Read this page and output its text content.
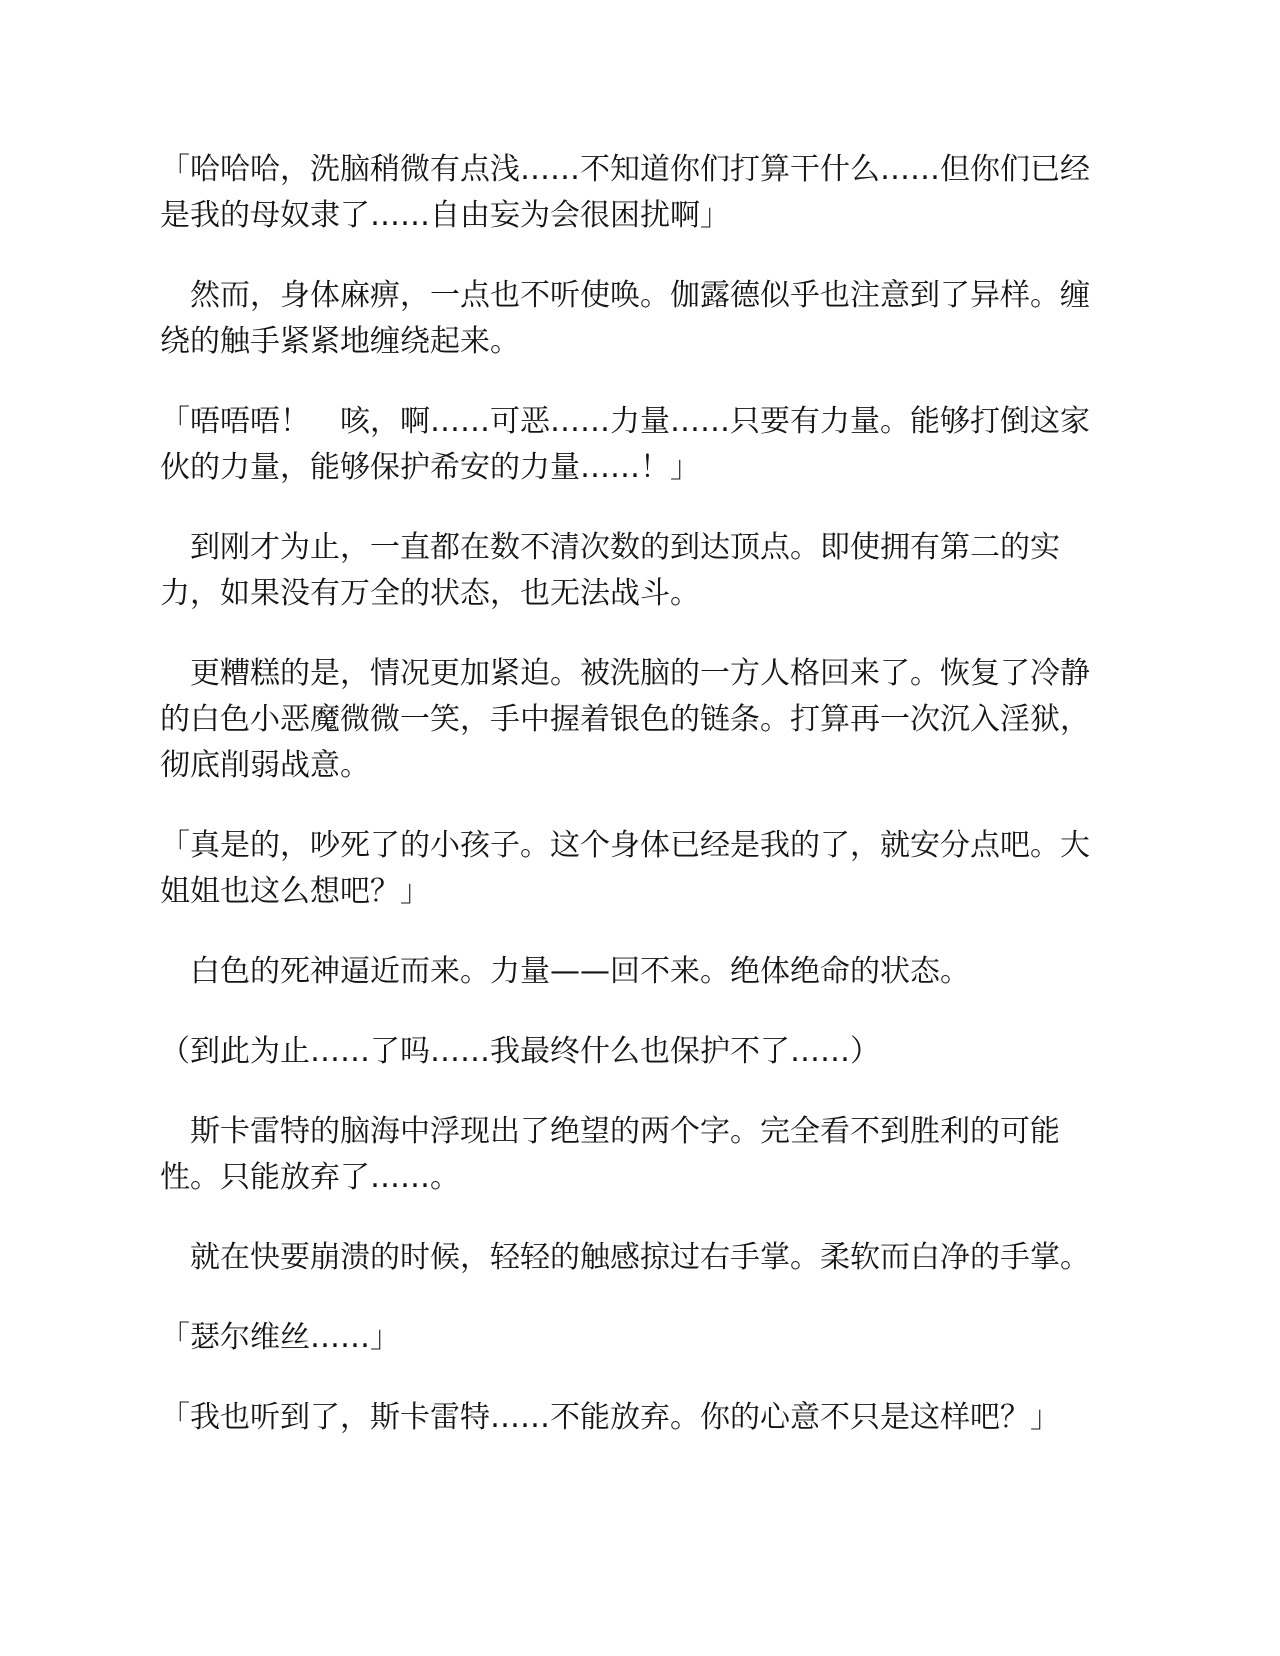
「哈哈哈，洗脑稍微有点浅……不知道你们打算干什么……但你们已经是我的母奴隶了……自由妄为会很困扰啊」

然而，身体麻痹，一点也不听使唤。伽露德似乎也注意到了异样。缠绕的触手紧紧地缠绕起来。

「唔唔唔！　咳，啊……可恶……力量……只要有力量。能够打倒这家伙的力量，能够保护希安的力量……！」

到刚才为止，一直都在数不清次数的到达顶点。即使拥有第二的实力，如果没有万全的状态，也无法战斗。

更糟糕的是，情况更加紧迫。被洗脑的一方人格回来了。恢复了冷静的白色小恶魔微微一笑，手中握着银色的链条。打算再一次沉入淫狱，彻底削弱战意。

「真是的，吵死了的小孩子。这个身体已经是我的了，就安分点吧。大姐姐也这么想吧？」

白色的死神逼近而来。力量——回不来。绝体绝命的状态。

（到此为止……了吗……我最终什么也保护不了……）

斯卡雷特的脑海中浮现出了绝望的两个字。完全看不到胜利的可能性。只能放弃了……。

就在快要崩溃的时候，轻轻的触感掠过右手掌。柔软而白净的手掌。

「瑟尔维丝……」

「我也听到了，斯卡雷特……不能放弃。你的心意不只是这样吧？」
